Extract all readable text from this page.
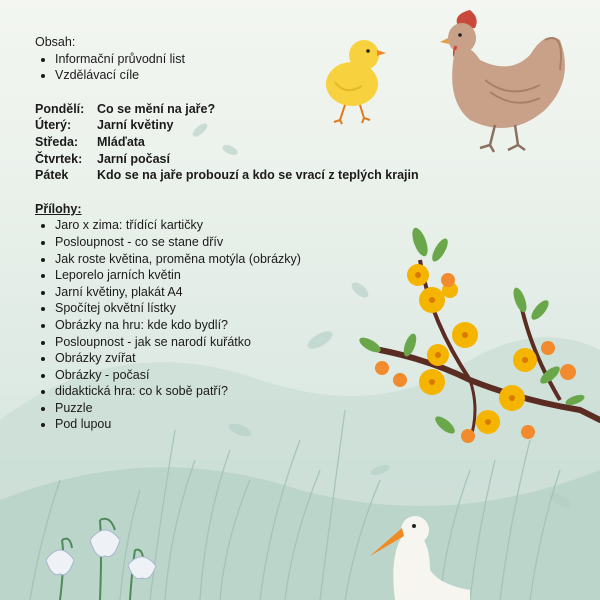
Obsah:

• Informační průvodní list
• Vzdělávací cíle
Pondělí:	Co se mění na jaře?
Úterý:	Jarní květiny
Středa:	Mláďata
Čtvrtek:	Jarní počasí
Pátek	Kdo se na jaře probouzí a kdo se vrací z teplých krajin

Přílohy:

• Jaro x zima: třídící kartičky
• Posloupnost - co se stane dřív
• Jak roste květina, proměna motýla (obrázky)
• Leporelo jarních květin
• Jarní květiny, plakát A4
• Spočítej okvětní lístky
• Obrázky na hru: kde kdo bydlí?
• Posloupnost - jak se narodí kuřátko
• Obrázky zvířat
• Obrázky - počasí
• didaktická hra: co k sobě patří?
• Puzzle
• Pod lupou
